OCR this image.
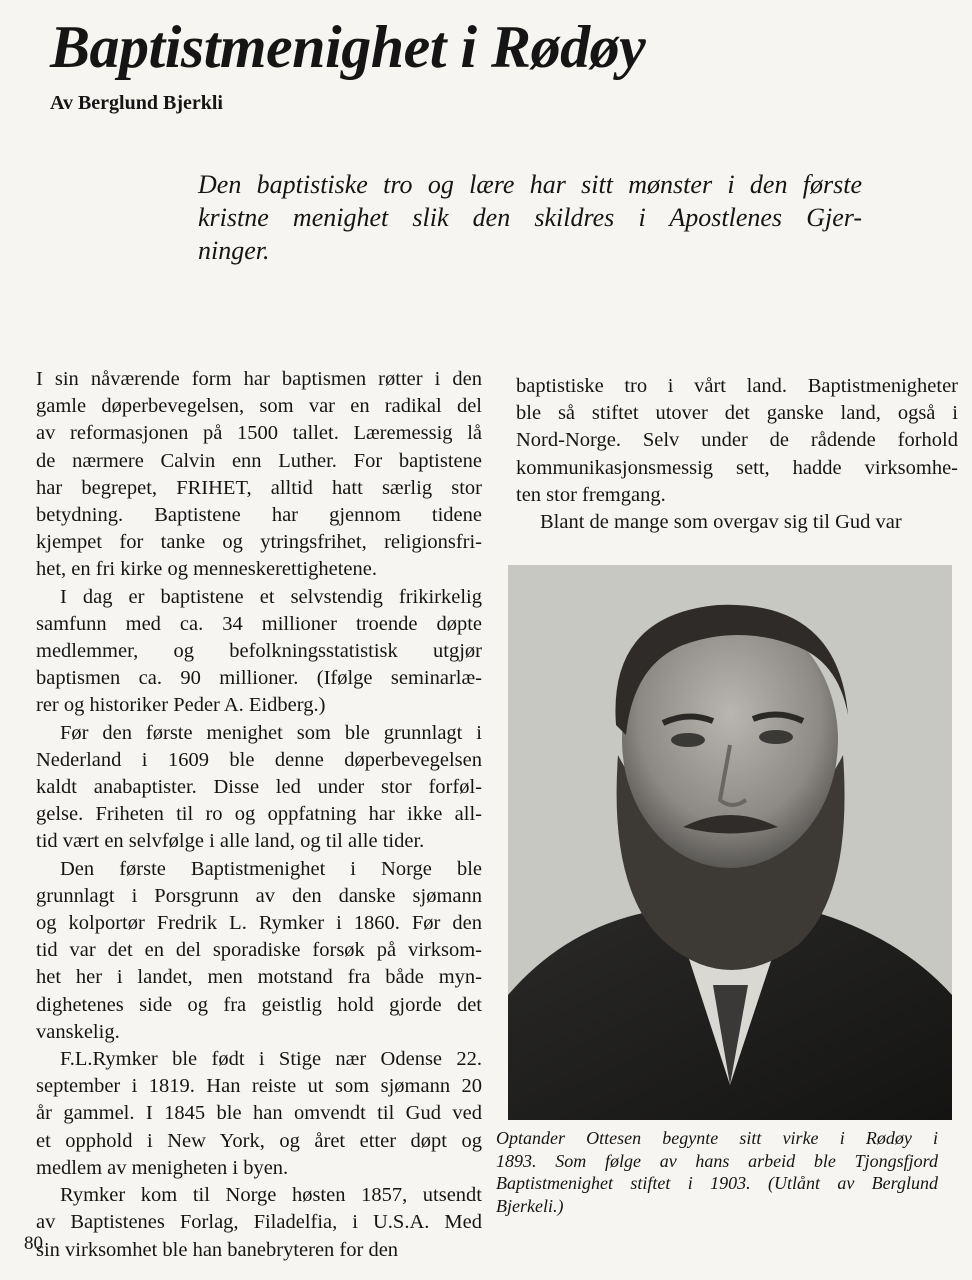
Baptistmenighet i Rødøy
Av Berglund Bjerkli
Den baptistiske tro og lære har sitt mønster i den første
kristne menighet slik den skildres i Apostlenes Gjer-
ninger.

I sin nåværende form har baptismen røtter i den
gamle døperbevegelsen, som var en radikal del
av reformasjonen på 1500 tallet. Læremessig lå
de nærmere Calvin enn Luther. For baptistene
har begrepet, FRIHET, alltid hatt særlig stor
betydning. Baptistene har gjennom tidene
kjempet for tanke og ytringsfrihet, religionsfri-
het, en fri kirke og menneskerettighetene.

I dag er baptistene et selvstendig frikirkelig
samfunn med ca. 34 millioner troende døpte
medlemmer, og befolkningsstatistisk utgjør
baptismen ca. 90 millioner. (Ifølge seminarlæ-
rer og historiker Peder A. Eidberg.)

Før den første menighet som ble grunnlagt i
Nederland i 1609 ble denne døperbevegelsen
kaldt anabaptister. Disse led under stor forføl-
gelse. Friheten til ro og oppfatning har ikke all-
tid vært en selvfølge i alle land, og til alle tider.

Den første Baptistmenighet i Norge ble
grunnlagt i Porsgrunn av den danske sjømann
og kolportør Fredrik L. Rymker i 1860. Før den
tid var det en del sporadiske forsøk på virksom-
het her i landet, men motstand fra både myn-
dighetenes side og fra geistlig hold gjorde det
vanskelig.

F.L.Rymker ble født i Stige nær Odense 22.
september i 1819. Han reiste ut som sjømann 20
år gammel. I 1845 ble han omvendt til Gud ved
et opphold i New York, og året etter døpt og
medlem av menigheten i byen.

Rymker kom til Norge høsten 1857, utsendt
av Baptistenes Forlag, Filadelfia, i U.S.A. Med
sin virksomhet ble han banebryteren for den

baptistiske tro i vårt land. Baptistmenigheter
ble så stiftet utover det ganske land, også i
Nord-Norge. Selv under de rådende forhold
kommunikasjonsmessig sett, hadde virksomhe-
ten stor fremgang.

Blant de mange som overgav sig til Gud var

Optander Ottesen begynte sitt virke i Rødøy i
1893. Som følge av hans arbeid ble Tjongsfjord
Baptistmenighet stiftet i 1903. (Utlånt av Berglund
Bjerkeli.)
80
